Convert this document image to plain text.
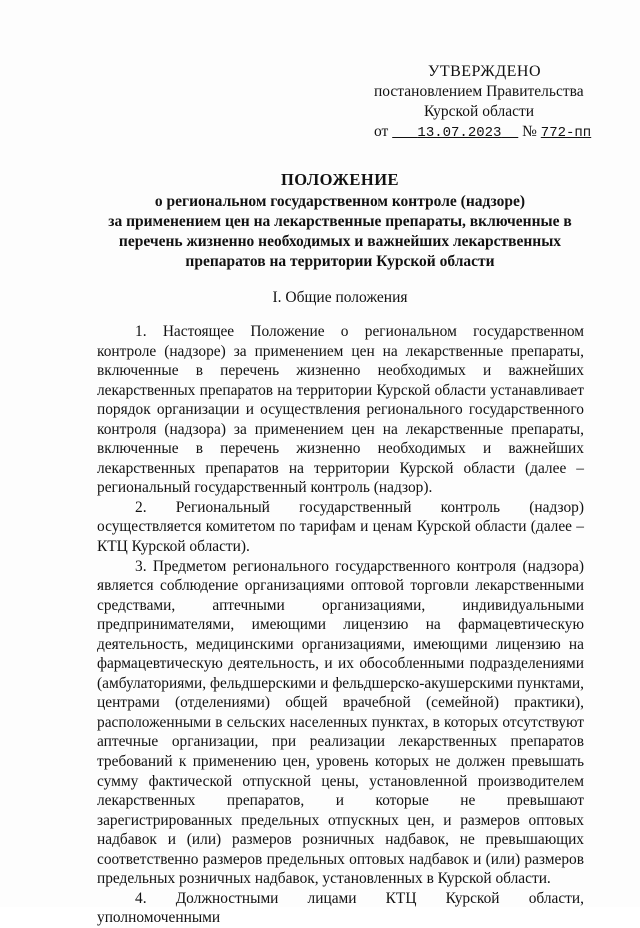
УТВЕРЖДЕНО
постановлением Правительства
Курской области
от 13.07.2023 № 772-пп
ПОЛОЖЕНИЕ
о региональном государственном контроле (надзоре)
за применением цен на лекарственные препараты, включенные в
перечень жизненно необходимых и важнейших лекарственных
препаратов на территории Курской области
I. Общие положения

1. Настоящее Положение о региональном государственном контроле (надзоре) за применением цен на лекарственные препараты, включенные в перечень жизненно необходимых и важнейших лекарственных препаратов на территории Курской области устанавливает порядок организации и осуществления регионального государственного контроля (надзора) за применением цен на лекарственные препараты, включенные в перечень жизненно необходимых и важнейших лекарственных препаратов на территории Курской области (далее – региональный государственный контроль (надзор).

2. Региональный государственный контроль (надзор) осуществляется комитетом по тарифам и ценам Курской области (далее – КТЦ Курской области).

3. Предметом регионального государственного контроля (надзора) является соблюдение организациями оптовой торговли лекарственными средствами, аптечными организациями, индивидуальными предпринимателями, имеющими лицензию на фармацевтическую деятельность, медицинскими организациями, имеющими лицензию на фармацевтическую деятельность, и их обособленными подразделениями (амбулаториями, фельдшерскими и фельдшерско-акушерскими пунктами, центрами (отделениями) общей врачебной (семейной) практики), расположенными в сельских населенных пунктах, в которых отсутствуют аптечные организации, при реализации лекарственных препаратов требований к применению цен, уровень которых не должен превышать сумму фактической отпускной цены, установленной производителем лекарственных препаратов, и которые не превышают зарегистрированных предельных отпускных цен, и размеров оптовых надбавок и (или) размеров розничных надбавок, не превышающих соответственно размеров предельных оптовых надбавок и (или) размеров предельных розничных надбавок, установленных в Курской области.

4. Должностными лицами КТЦ Курской области, уполномоченными
